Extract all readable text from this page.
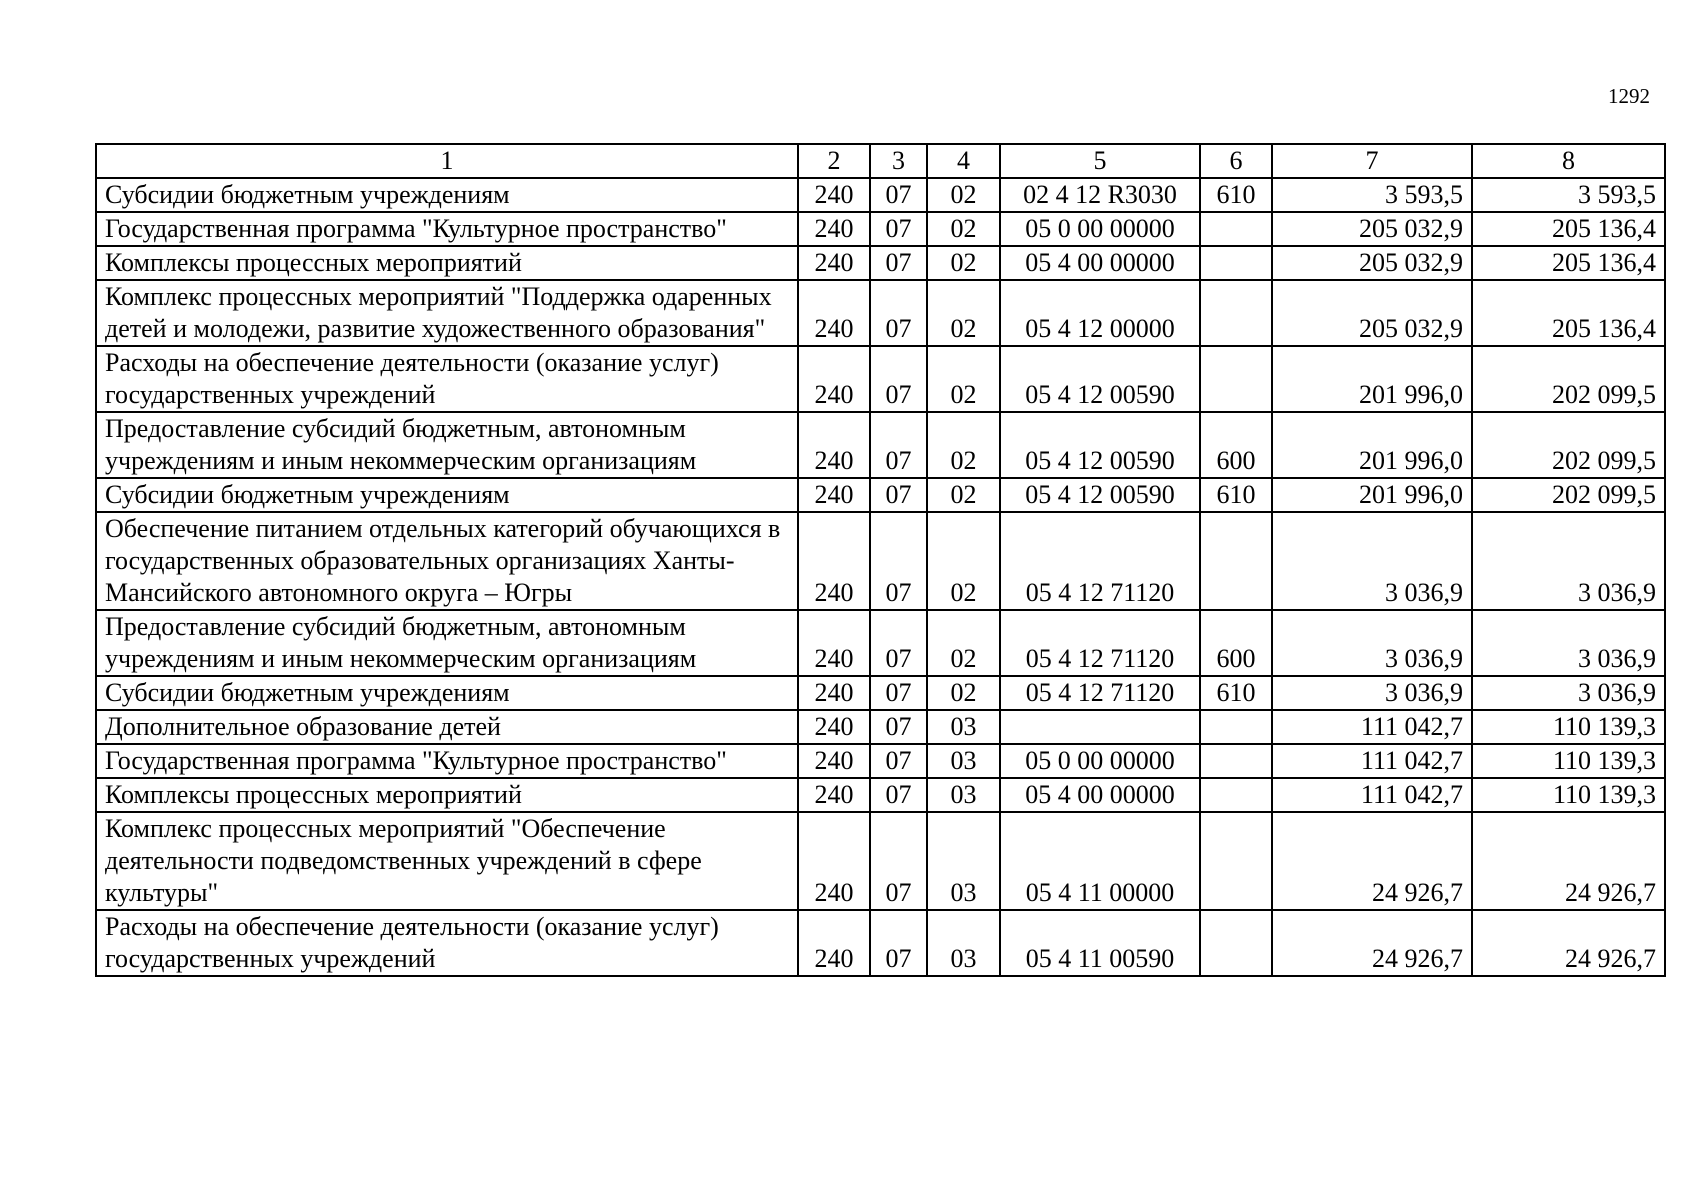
1292
1	2	3	4	5	6	7	8
Субсидии бюджетным учреждениям	240	07	02	02 4 12 R3030	610	3 593,5	3 593,5
Государственная программа "Культурное пространство"	240	07	02	05 0 00 00000		205 032,9	205 136,4
Комплексы процессных мероприятий	240	07	02	05 4 00 00000		205 032,9	205 136,4
Комплекс процессных мероприятий "Поддержка одаренных детей и молодежи, развитие художественного образования"	240	07	02	05 4 12 00000		205 032,9	205 136,4
Расходы на обеспечение деятельности (оказание услуг) государственных учреждений	240	07	02	05 4 12 00590		201 996,0	202 099,5
Предоставление субсидий бюджетным, автономным учреждениям и иным некоммерческим организациям	240	07	02	05 4 12 00590	600	201 996,0	202 099,5
Субсидии бюджетным учреждениям	240	07	02	05 4 12 00590	610	201 996,0	202 099,5
Обеспечение питанием отдельных категорий обучающихся в государственных образовательных организациях Ханты-Мансийского автономного округа – Югры	240	07	02	05 4 12 71120		3 036,9	3 036,9
Предоставление субсидий бюджетным, автономным учреждениям и иным некоммерческим организациям	240	07	02	05 4 12 71120	600	3 036,9	3 036,9
Субсидии бюджетным учреждениям	240	07	02	05 4 12 71120	610	3 036,9	3 036,9
Дополнительное образование детей	240	07	03			111 042,7	110 139,3
Государственная программа "Культурное пространство"	240	07	03	05 0 00 00000		111 042,7	110 139,3
Комплексы процессных мероприятий	240	07	03	05 4 00 00000		111 042,7	110 139,3
Комплекс процессных мероприятий "Обеспечение деятельности подведомственных учреждений в сфере культуры"	240	07	03	05 4 11 00000		24 926,7	24 926,7
Расходы на обеспечение деятельности (оказание услуг) государственных учреждений	240	07	03	05 4 11 00590		24 926,7	24 926,7
